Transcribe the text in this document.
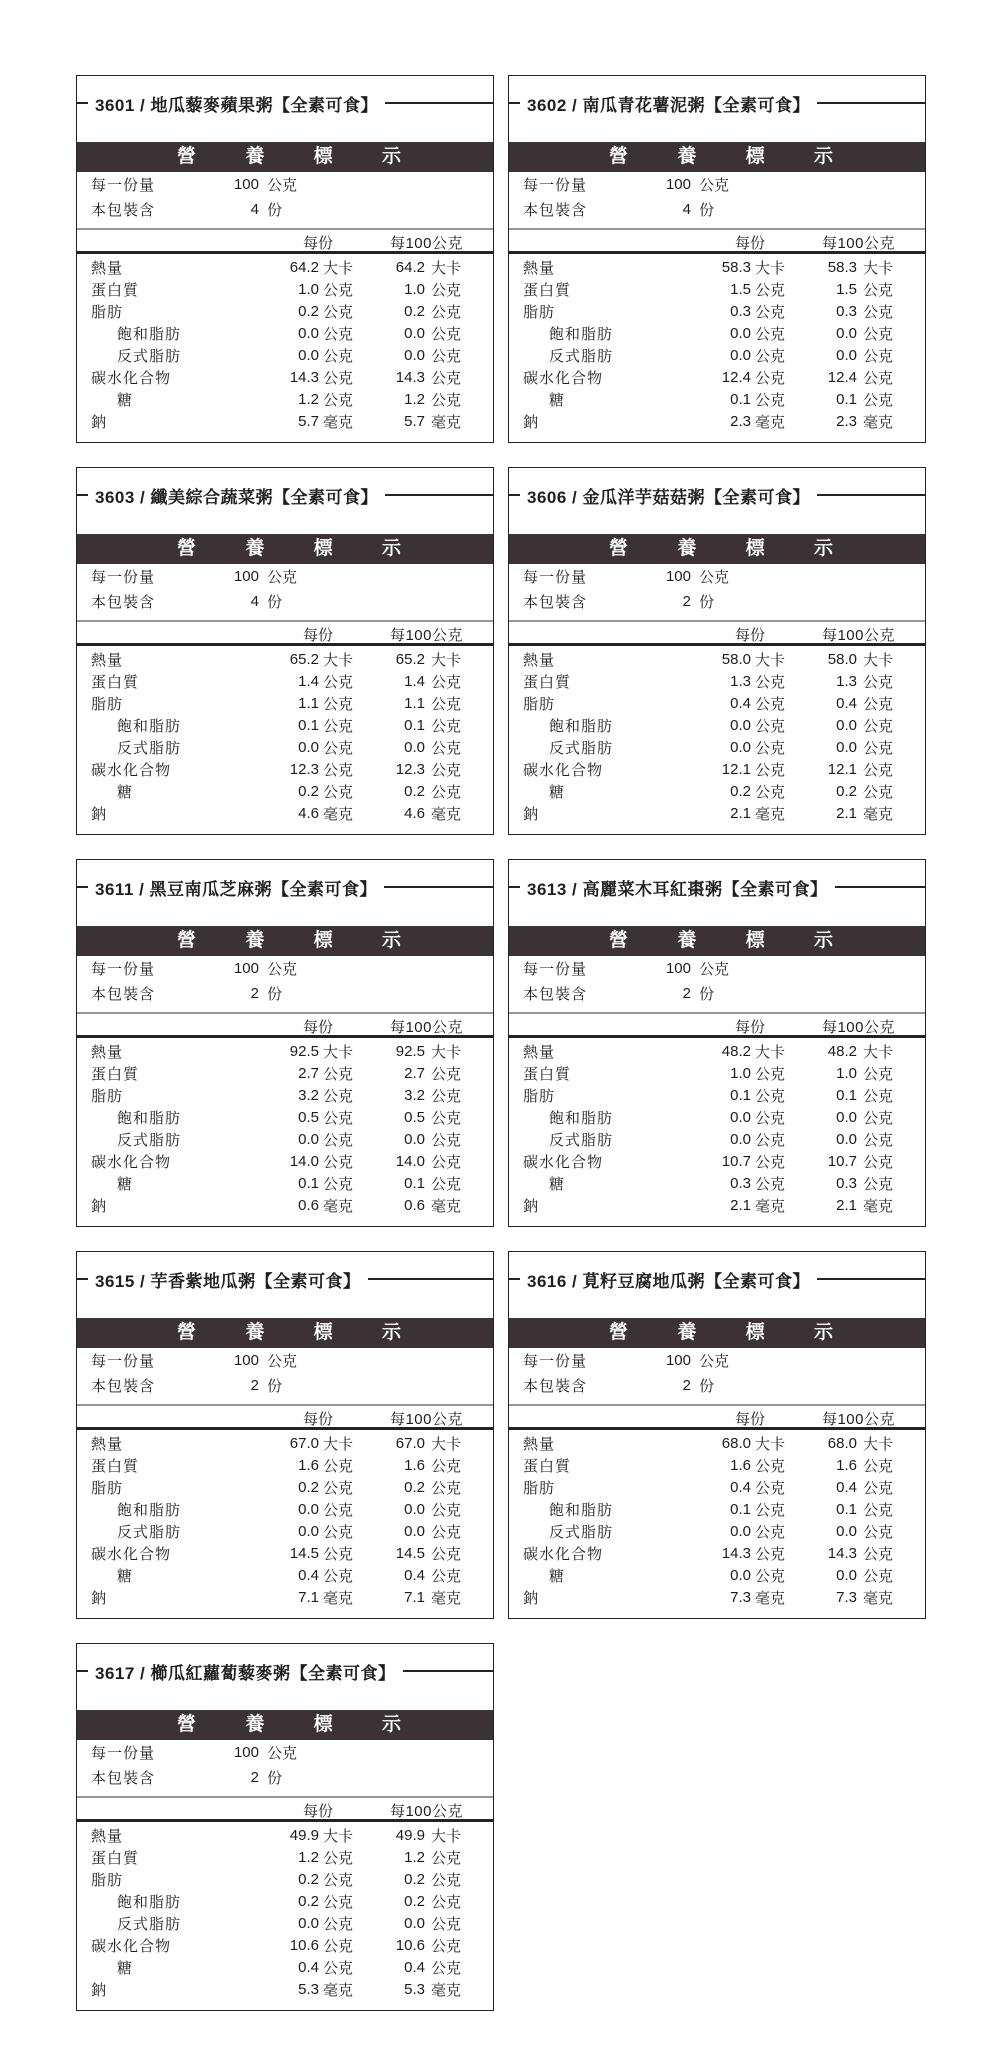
3601 / 地瓜藜麥蘋果粥【全素可食】
營	養	標	示
每一份量	100 公克
本包裝含	4 份
每份	每100公克
熱量	64.2 大卡	64.2 大卡
蛋白質	1.0 公克	1.0 公克
脂肪	0.2 公克	0.2 公克
飽和脂肪	0.0 公克	0.0 公克
反式脂肪	0.0 公克	0.0 公克
碳水化合物	14.3 公克	14.3 公克
糖	1.2 公克	1.2 公克
鈉	5.7 毫克	5.7 毫克
3602 / 南瓜青花薯泥粥【全素可食】
營	養	標	示
每一份量	100 公克
本包裝含	4 份
每份	每100公克
熱量	58.3 大卡	58.3 大卡
蛋白質	1.5 公克	1.5 公克
脂肪	0.3 公克	0.3 公克
飽和脂肪	0.0 公克	0.0 公克
反式脂肪	0.0 公克	0.0 公克
碳水化合物	12.4 公克	12.4 公克
糖	0.1 公克	0.1 公克
鈉	2.3 毫克	2.3 毫克
3603 / 纖美綜合蔬菜粥【全素可食】
營	養	標	示
每一份量	100 公克
本包裝含	4 份
每份	每100公克
熱量	65.2 大卡	65.2 大卡
蛋白質	1.4 公克	1.4 公克
脂肪	1.1 公克	1.1 公克
飽和脂肪	0.1 公克	0.1 公克
反式脂肪	0.0 公克	0.0 公克
碳水化合物	12.3 公克	12.3 公克
糖	0.2 公克	0.2 公克
鈉	4.6 毫克	4.6 毫克
3606 / 金瓜洋芋菇菇粥【全素可食】
營	養	標	示
每一份量	100 公克
本包裝含	2 份
每份	每100公克
熱量	58.0 大卡	58.0 大卡
蛋白質	1.3 公克	1.3 公克
脂肪	0.4 公克	0.4 公克
飽和脂肪	0.0 公克	0.0 公克
反式脂肪	0.0 公克	0.0 公克
碳水化合物	12.1 公克	12.1 公克
糖	0.2 公克	0.2 公克
鈉	2.1 毫克	2.1 毫克
3611 / 黑豆南瓜芝麻粥【全素可食】
營	養	標	示
每一份量	100 公克
本包裝含	2 份
每份	每100公克
熱量	92.5 大卡	92.5 大卡
蛋白質	2.7 公克	2.7 公克
脂肪	3.2 公克	3.2 公克
飽和脂肪	0.5 公克	0.5 公克
反式脂肪	0.0 公克	0.0 公克
碳水化合物	14.0 公克	14.0 公克
糖	0.1 公克	0.1 公克
鈉	0.6 毫克	0.6 毫克
3613 / 高麗菜木耳紅棗粥【全素可食】
營	養	標	示
每一份量	100 公克
本包裝含	2 份
每份	每100公克
熱量	48.2 大卡	48.2 大卡
蛋白質	1.0 公克	1.0 公克
脂肪	0.1 公克	0.1 公克
飽和脂肪	0.0 公克	0.0 公克
反式脂肪	0.0 公克	0.0 公克
碳水化合物	10.7 公克	10.7 公克
糖	0.3 公克	0.3 公克
鈉	2.1 毫克	2.1 毫克
3615 / 芋香紫地瓜粥【全素可食】
營	養	標	示
每一份量	100 公克
本包裝含	2 份
每份	每100公克
熱量	67.0 大卡	67.0 大卡
蛋白質	1.6 公克	1.6 公克
脂肪	0.2 公克	0.2 公克
飽和脂肪	0.0 公克	0.0 公克
反式脂肪	0.0 公克	0.0 公克
碳水化合物	14.5 公克	14.5 公克
糖	0.4 公克	0.4 公克
鈉	7.1 毫克	7.1 毫克
3616 / 莧籽豆腐地瓜粥【全素可食】
營	養	標	示
每一份量	100 公克
本包裝含	2 份
每份	每100公克
熱量	68.0 大卡	68.0 大卡
蛋白質	1.6 公克	1.6 公克
脂肪	0.4 公克	0.4 公克
飽和脂肪	0.1 公克	0.1 公克
反式脂肪	0.0 公克	0.0 公克
碳水化合物	14.3 公克	14.3 公克
糖	0.0 公克	0.0 公克
鈉	7.3 毫克	7.3 毫克
3617 / 櫛瓜紅蘿蔔藜麥粥【全素可食】
營	養	標	示
每一份量	100 公克
本包裝含	2 份
每份	每100公克
熱量	49.9 大卡	49.9 大卡
蛋白質	1.2 公克	1.2 公克
脂肪	0.2 公克	0.2 公克
飽和脂肪	0.2 公克	0.2 公克
反式脂肪	0.0 公克	0.0 公克
碳水化合物	10.6 公克	10.6 公克
糖	0.4 公克	0.4 公克
鈉	5.3 毫克	5.3 毫克
